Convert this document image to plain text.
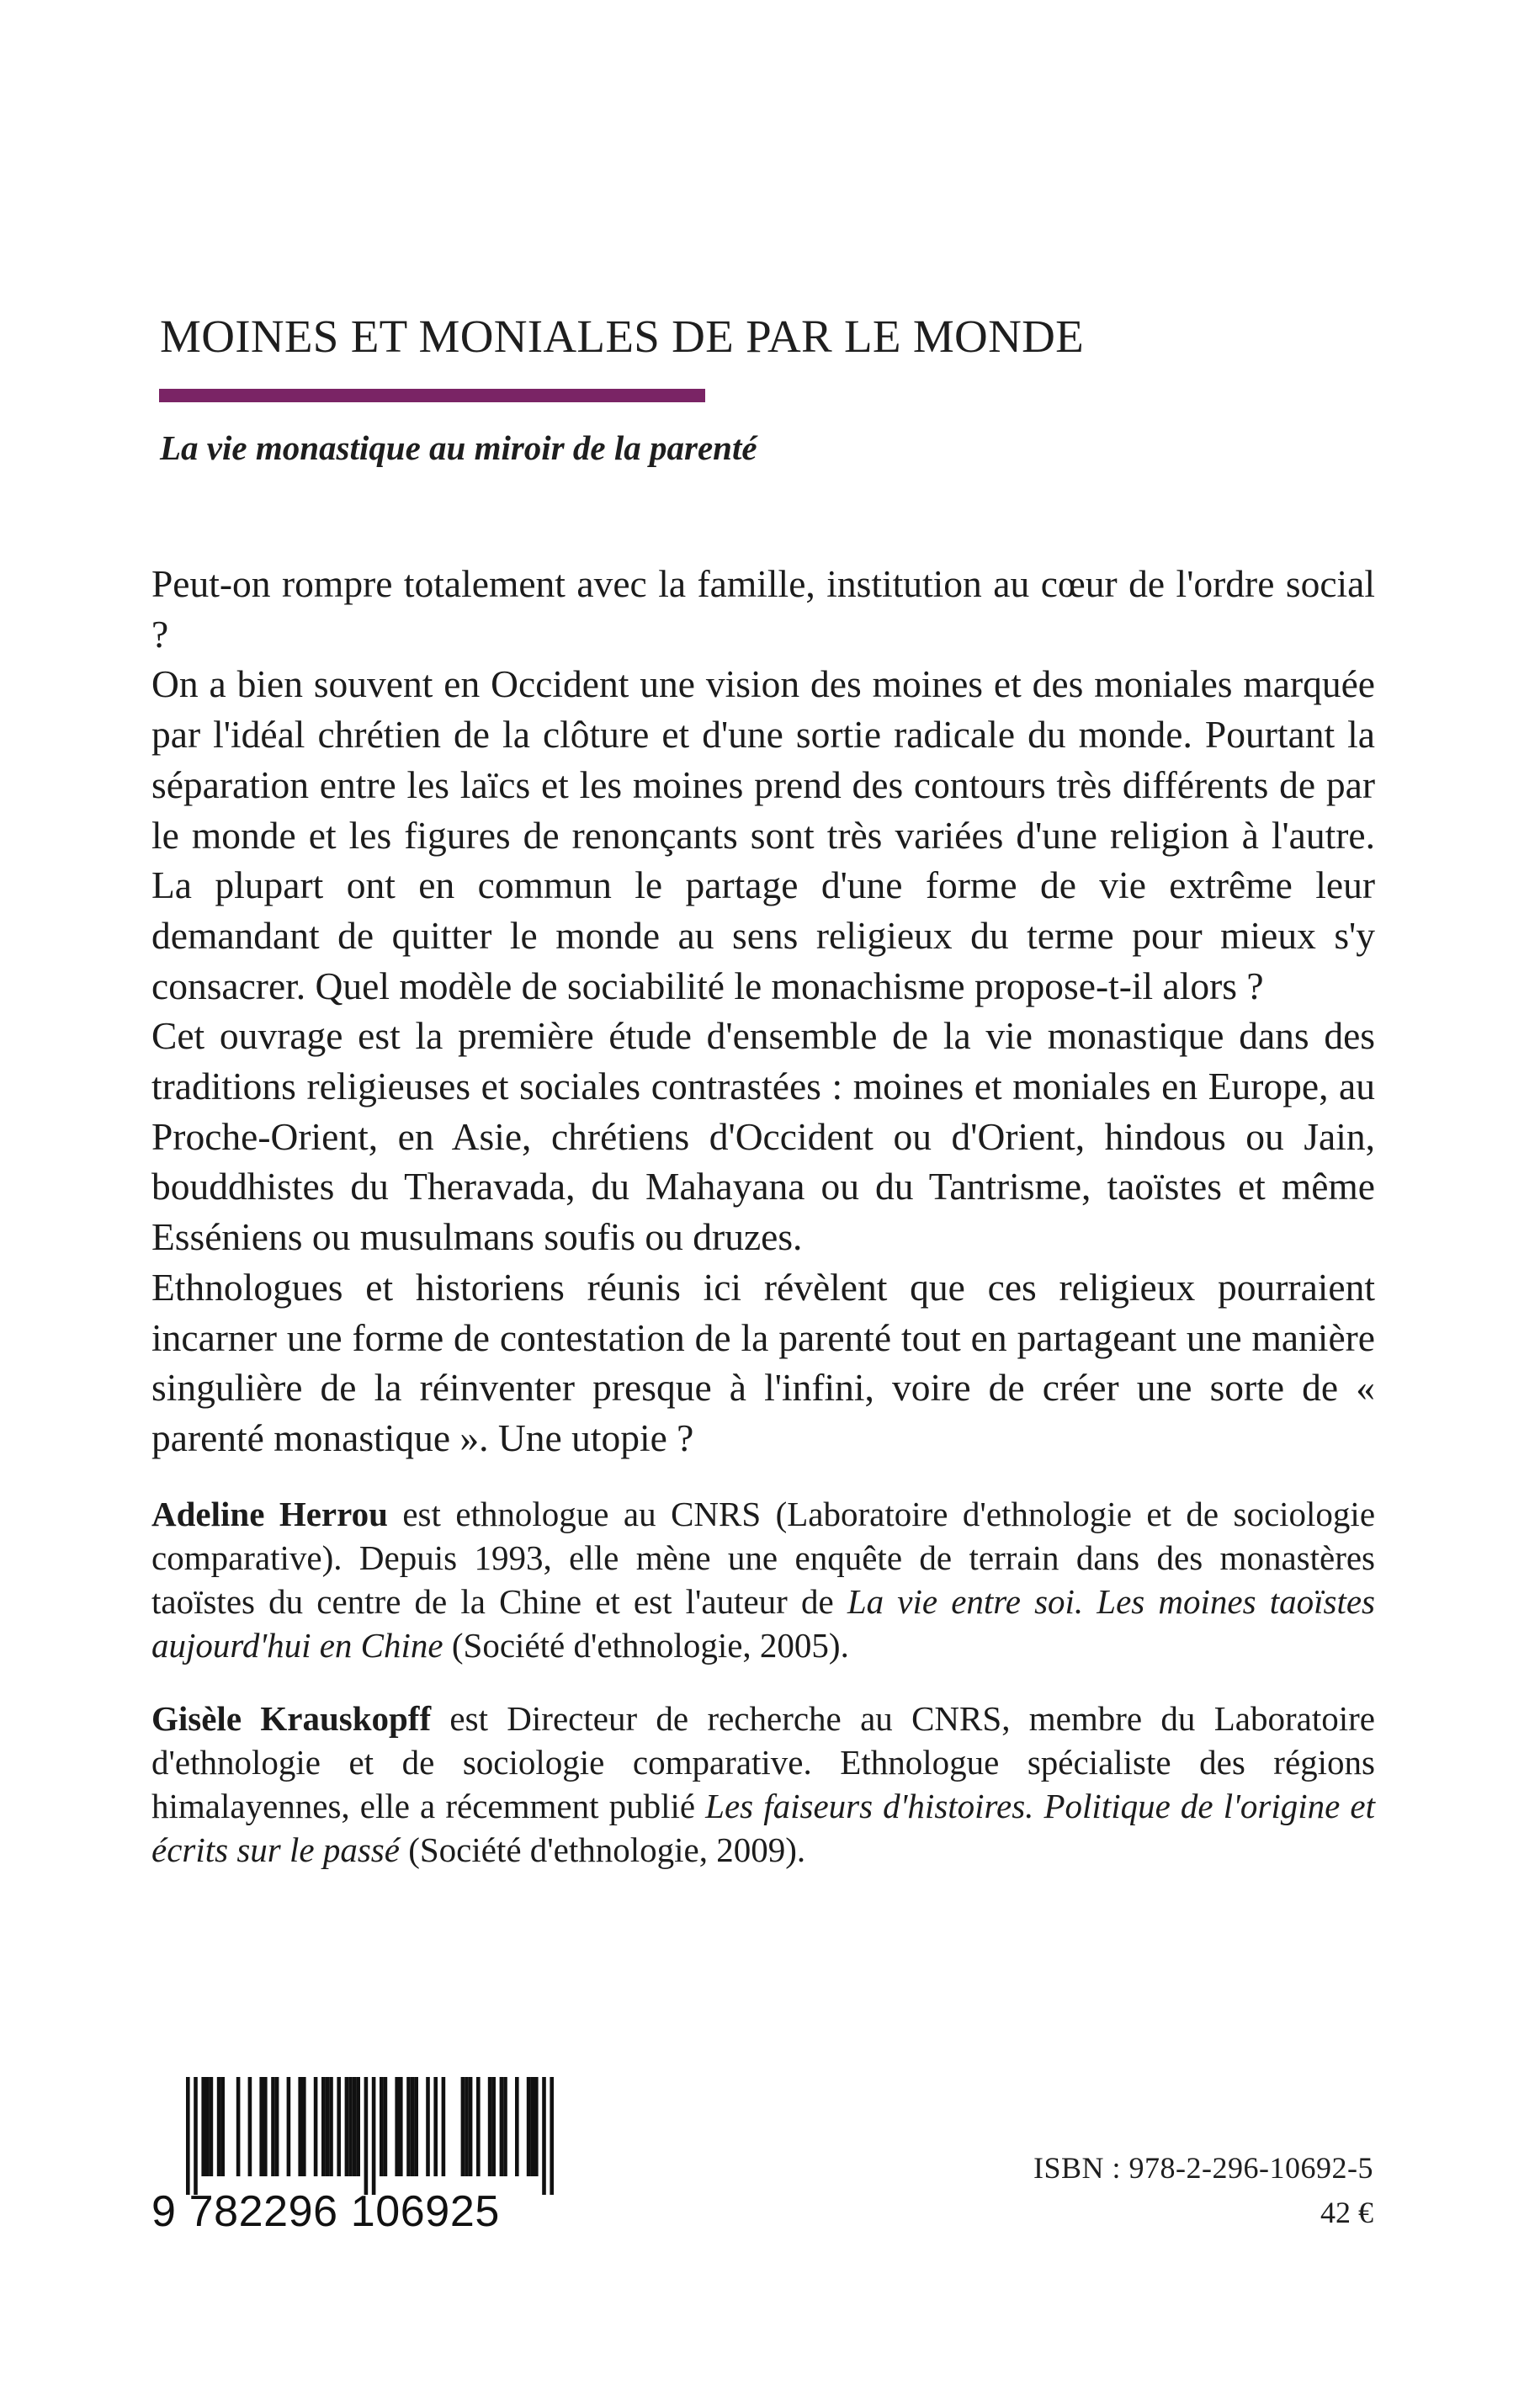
MOINES ET MONIALES DE PAR LE MONDE
La vie monastique au miroir de la parenté

Peut-on rompre totalement avec la famille, institution au cœur de l'ordre social ?

On a bien souvent en Occident une vision des moines et des moniales marquée par l'idéal chrétien de la clôture et d'une sortie radicale du monde. Pourtant la séparation entre les laïcs et les moines prend des contours très différents de par le monde et les figures de renonçants sont très variées d'une religion à l'autre. La plupart ont en commun le partage d'une forme de vie extrême leur demandant de quitter le monde au sens religieux du terme pour mieux s'y consacrer. Quel modèle de sociabilité le monachisme propose-t-il alors ?

Cet ouvrage est la première étude d'ensemble de la vie monastique dans des traditions religieuses et sociales contrastées : moines et moniales en Europe, au Proche-Orient, en Asie, chrétiens d'Occident ou d'Orient, hindous ou Jain, bouddhistes du Theravada, du Mahayana ou du Tantrisme, taoïstes et même Esséniens ou musulmans soufis ou druzes.

Ethnologues et historiens réunis ici révèlent que ces religieux pourraient incarner une forme de contestation de la parenté tout en partageant une manière singulière de la réinventer presque à l'infini, voire de créer une sorte de « parenté monastique ». Une utopie ?

Adeline Herrou est ethnologue au CNRS (Laboratoire d'ethnologie et de sociologie comparative). Depuis 1993, elle mène une enquête de terrain dans des monastères taoïstes du centre de la Chine et est l'auteur de La vie entre soi. Les moines taoïstes aujourd'hui en Chine (Société d'ethnologie, 2005).

Gisèle Krauskopff est Directeur de recherche au CNRS, membre du Laboratoire d'ethnologie et de sociologie comparative. Ethnologue spécialiste des régions himalayennes, elle a récemment publié Les faiseurs d'histoires. Politique de l'origine et écrits sur le passé (Société d'ethnologie, 2009).

9 782296 106925

ISBN : 978-2-296-10692-5

42 €
